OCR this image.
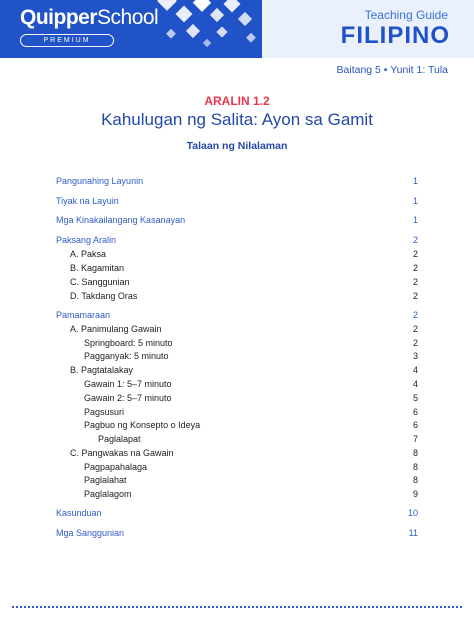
QuipperSchool
PREMIUM
Teaching Guide
FILIPINO
Baitang 5 • Yunit 1: Tula
ARALIN 1.2
Kahulugan ng Salita: Ayon sa Gamit
Talaan ng Nilalaman
Pangunahing Layunin	1
Tiyak na Layuin	1
Mga Kinakailangang Kasanayan	1
Paksang Aralin	2
A. Paksa	2
B. Kagamitan	2
C. Sanggunian	2
D. Takdang Oras	2
Pamamaraan	2
A. Panimulang Gawain	2
Springboard: 5 minuto	2
Pagganyak: 5 minuto	3
B. Pagtatalakay	4
Gawain 1: 5–7 minuto	4
Gawain 2: 5–7 minuto	5
Pagsusuri	6
Pagbuo ng Konsepto o Ideya	6
Paglalapat	7
C. Pangwakas na Gawain	8
Pagpapahalaga	8
Paglalahat	8
Paglalagom	9
Kasunduan	10
Mga Sanggunian	11
